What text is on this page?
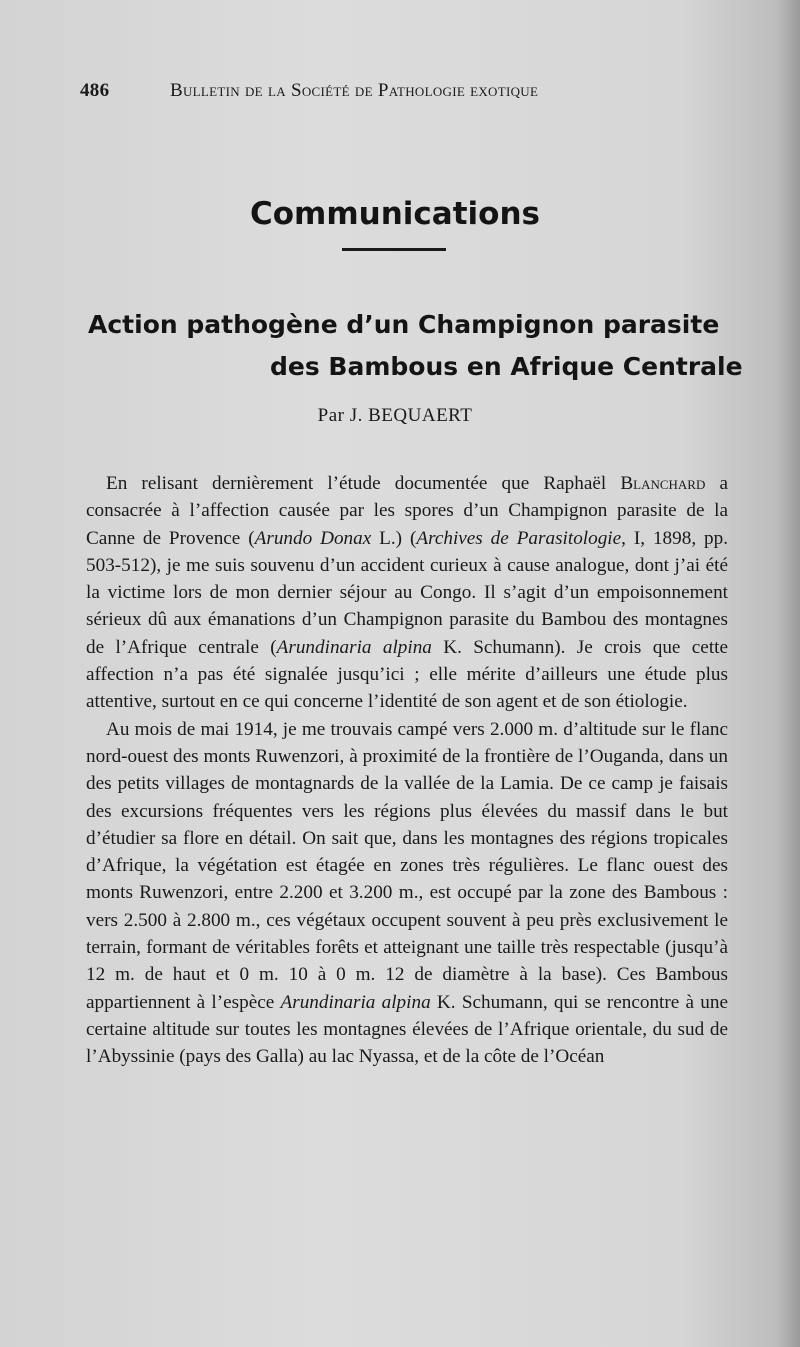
486	Bulletin de la Société de Pathologie exotique
Communications
Action pathogène d’un Champignon parasite
des Bambous en Afrique Centrale
Par J. BEQUAERT

En relisant dernièrement l’étude documentée que Raphaël Blanchard a consacrée à l’affection causée par les spores d’un Champignon parasite de la Canne de Provence (Arundo Donax L.) (Archives de Parasitologie, I, 1898, pp. 503-512), je me suis souvenu d’un accident curieux à cause analogue, dont j’ai été la victime lors de mon dernier séjour au Congo. Il s’agit d’un empoisonnement sérieux dû aux émanations d’un Champignon parasite du Bambou des montagnes de l’Afrique centrale (Arundinaria alpina K. Schumann). Je crois que cette affection n’a pas été signalée jusqu’ici ; elle mérite d’ailleurs une étude plus attentive, surtout en ce qui concerne l’identité de son agent et de son étiologie.

Au mois de mai 1914, je me trouvais campé vers 2.000 m. d’altitude sur le flanc nord-ouest des monts Ruwenzori, à proximité de la frontière de l’Ouganda, dans un des petits villages de montagnards de la vallée de la Lamia. De ce camp je faisais des excursions fréquentes vers les régions plus élevées du massif dans le but d’étudier sa flore en détail. On sait que, dans les montagnes des régions tropicales d’Afrique, la végétation est étagée en zones très régulières. Le flanc ouest des monts Ruwenzori, entre 2.200 et 3.200 m., est occupé par la zone des Bambous : vers 2.500 à 2.800 m., ces végétaux occupent souvent à peu près exclusivement le terrain, formant de véritables forêts et atteignant une taille très respectable (jusqu’à 12 m. de haut et 0 m. 10 à 0 m. 12 de diamètre à la base). Ces Bambous appartiennent à l’espèce Arundinaria alpina K. Schumann, qui se rencontre à une certaine altitude sur toutes les montagnes élevées de l’Afrique orientale, du sud de l’Abyssinie (pays des Galla) au lac Nyassa, et de la côte de l’Océan
